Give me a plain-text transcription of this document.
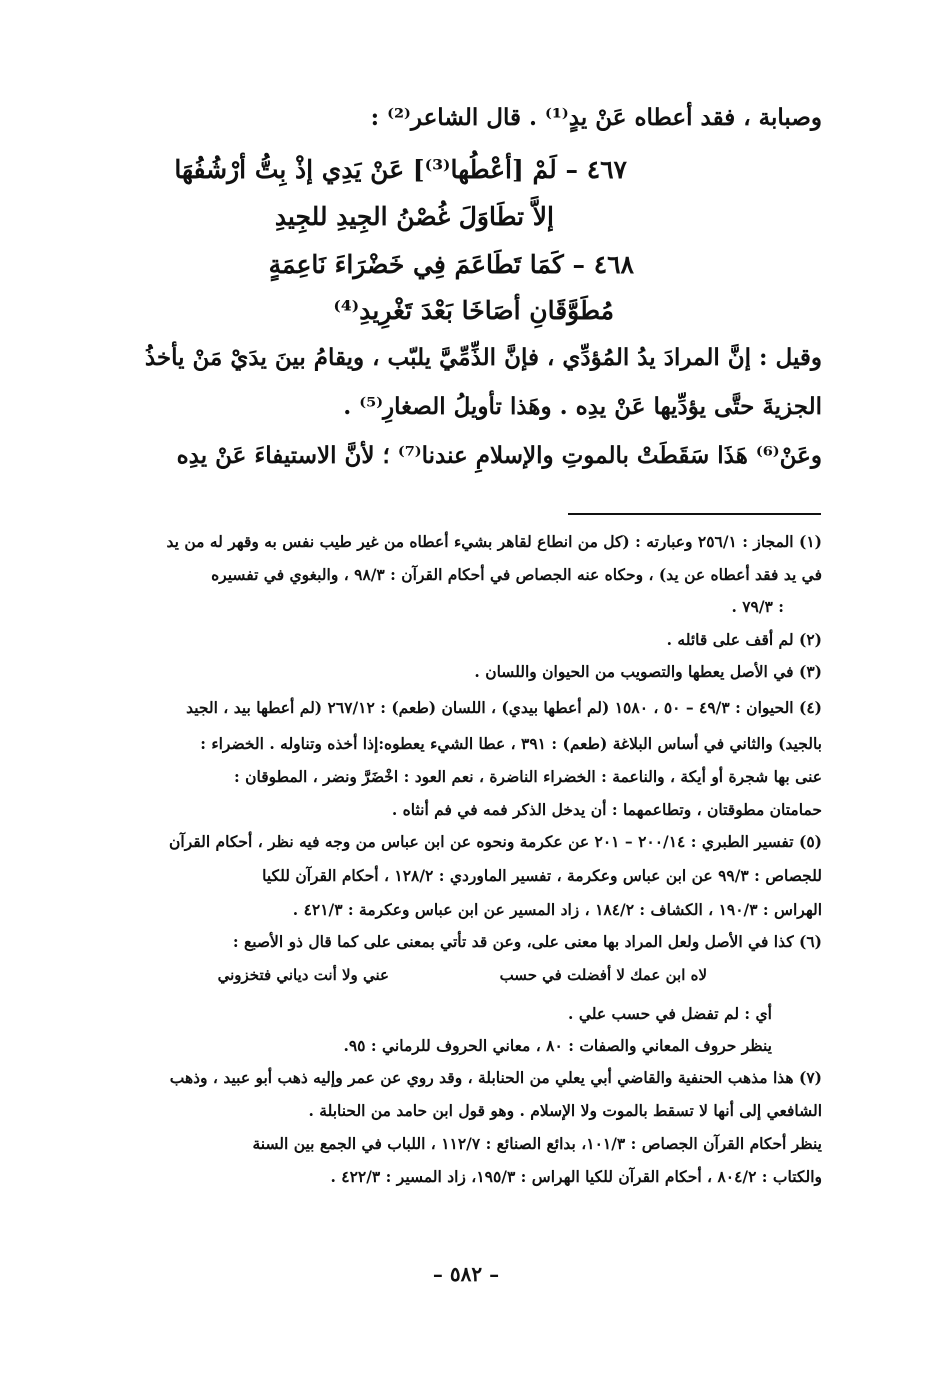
وصبابة ، فقد أعطاه عَنْ يدٍ⁽¹⁾ . قال الشاعر⁽²⁾ :
٤٦٧ – لَمْ [أعْطُها⁽³⁾] عَنْ يَدِي إذْ بِتُّ أرْشُفُهَا
إلاَّ تطَاوَلَ غُصْنُ الجِيدِ للجِيدِ
٤٦٨ – كَمَا تَطَاعَمَ فِي خَضْرَاءَ نَاعِمَةٍ
مُطَوَّقَانِ أصَاخَا بَعْدَ تَغْرِيدِ⁽⁴⁾
وقيل : إنَّ المرادَ يدُ المُؤدِّي ، فإنَّ الذِّمِّيَّ يلبّب ، ويقامُ بينَ يدَيْ مَنْ يأخذُ
الجزيةَ حتَّى يؤدِّيها عَنْ يدِه . وهَذا تأويلُ الصغارِ⁽⁵⁾ .
وعَنْ⁽⁶⁾ هَذَا سَقَطَتْ بالموتِ والإسلامِ عندنا⁽⁷⁾ ؛ لأنَّ الاستيفاءَ عَنْ يدِه
(١) المجاز : ٢٥٦/١ وعبارته : (كل من انطاع لقاهر بشيء أعطاه من غير طيب نفس به وقهر له من يد
في يد فقد أعطاه عن يد) ، وحكاه عنه الجصاص في أحكام القرآن : ٩٨/٣ ، والبغوي في تفسيره
: ٧٩/٣ .
(٢) لم أقف على قائله .
(٣) في الأصل يعطها والتصويب من الحيوان واللسان .
(٤) الحيوان : ٤٩/٣ – ٥٠ ، ١٥٨٠ (لم أعطها بيدي) ، اللسان (طعم) : ٢٦٧/١٢ (لم أعطها بيد ، الجيد
بالجيد) والثاني في أساس البلاغة (طعم) : ٣٩١ ، عطا الشيء يعطوه:إذا أخذه وتناوله . الخضراء :
عنى بها شجرة أو أيكة ، والناعمة : الخضراء الناضرة ، نعم العود : اخْضَرَّ ونضر ، المطوقان :
حمامتان مطوقتان ، وتطاعمهما : أن يدخل الذكر فمه في فم أنثاه .
(٥) تفسير الطبري : ٢٠٠/١٤ – ٢٠١ عن عكرمة ونحوه عن ابن عباس من وجه فيه نظر ، أحكام القرآن
للجصاص : ٩٩/٣ عن ابن عباس وعكرمة ، تفسير الماوردي : ١٢٨/٢ ، أحكام القرآن للكيا
الهراس : ١٩٠/٣ ، الكشاف : ١٨٤/٢ ، زاد المسير عن ابن عباس وعكرمة : ٤٢١/٣ .
(٦) كذا في الأصل ولعل المراد بها معنى على، وعن قد تأتي بمعنى على كما قال ذو الأصبع :
لاه ابن عمك لا أفضلت في حسب
عني ولا أنت دياني فتخزوني
أي : لم تفضل في حسب علي .
ينظر حروف المعاني والصفات : ٨٠ ، معاني الحروف للرماني : ٩٥.
(٧) هذا مذهب الحنفية والقاضي أبي يعلي من الحنابلة ، وقد روي عن عمر وإليه ذهب أبو عبيد ، وذهب
الشافعي إلى أنها لا تسقط بالموت ولا الإسلام . وهو قول ابن حامد من الحنابلة .
ينظر أحكام القرآن الجصاص : ١٠١/٣، بدائع الصنائع : ١١٢/٧ ، اللباب في الجمع بين السنة
والكتاب : ٨٠٤/٢ ، أحكام القرآن للكيا الهراس : ١٩٥/٣، زاد المسير : ٤٢٢/٣ .
– ٥٨٢ –
